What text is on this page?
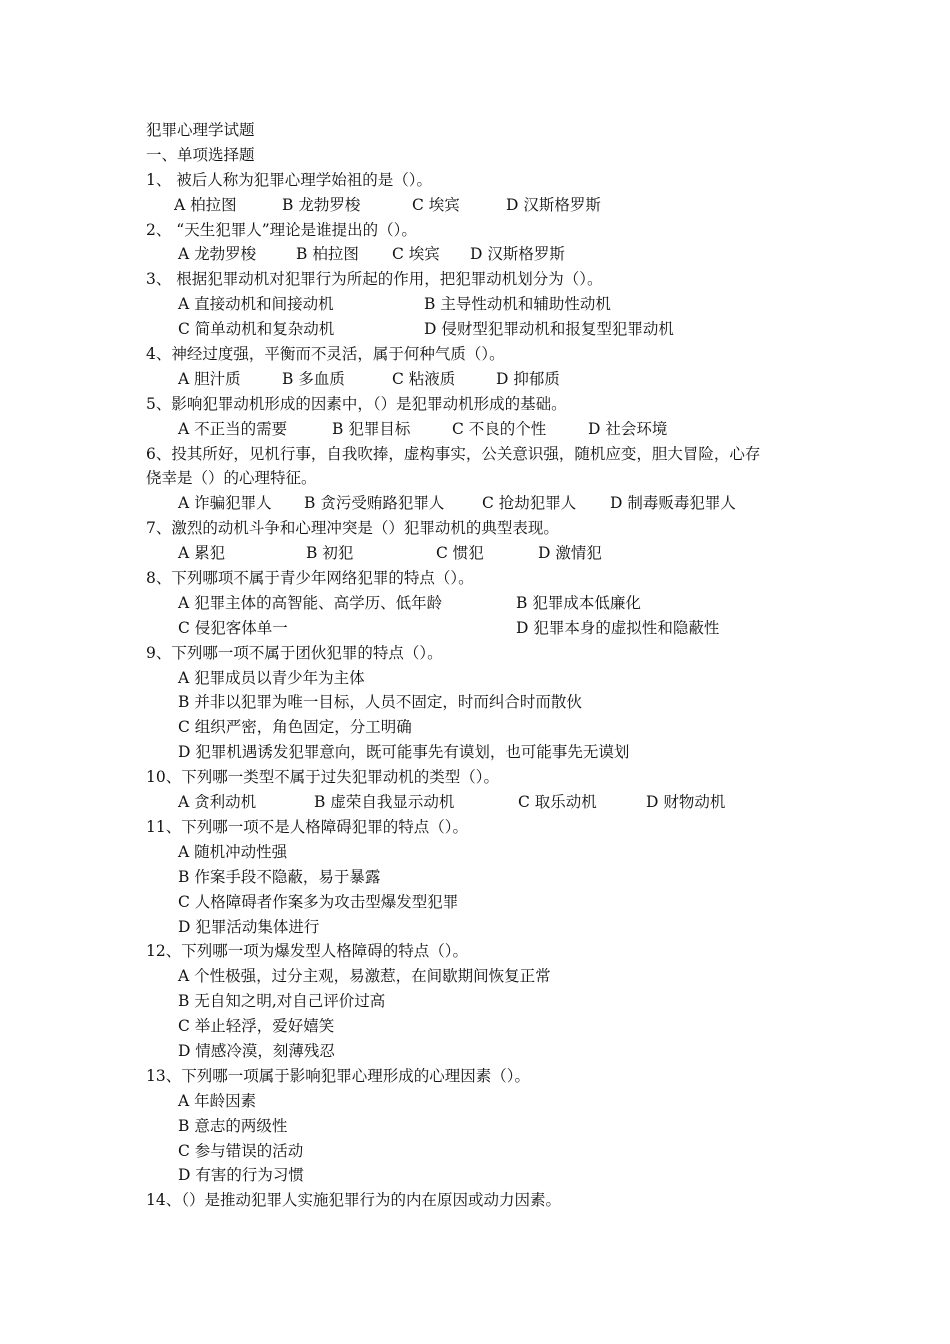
犯罪心理学试题
一、单项选择题
1、 被后人称为犯罪心理学始祖的是（）。
A 柏拉图	B 龙勃罗梭	C 埃宾	D 汉斯格罗斯
2、 “天生犯罪人”理论是谁提出的（）。
A 龙勃罗梭	B 柏拉图 C 埃宾 D 汉斯格罗斯
3、 根据犯罪动机对犯罪行为所起的作用，把犯罪动机划分为（）。
A 直接动机和间接动机	B 主导性动机和辅助性动机
C 简单动机和复杂动机	D 侵财型犯罪动机和报复型犯罪动机
4、神经过度强，平衡而不灵活，属于何种气质（）。
A 胆汁质	B 多血质	C 粘液质	D 抑郁质
5、影响犯罪动机形成的因素中，（）是犯罪动机形成的基础。
A 不正当的需要	B 犯罪目标	C 不良的个性	D 社会环境
6、投其所好，见机行事，自我吹捧，虚构事实，公关意识强，随机应变，胆大冒险，心存
侥幸是（）的心理特征。
A 诈骗犯罪人 B 贪污受贿路犯罪人 C 抢劫犯罪人 D 制毒贩毒犯罪人
7、激烈的动机斗争和心理冲突是（）犯罪动机的典型表现。
A 累犯	B 初犯	C 惯犯	D 激情犯
8、下列哪项不属于青少年网络犯罪的特点（）。
A 犯罪主体的高智能、高学历、低年龄	B 犯罪成本低廉化
C 侵犯客体单一	D 犯罪本身的虚拟性和隐蔽性
9、下列哪一项不属于团伙犯罪的特点（）。
A 犯罪成员以青少年为主体
B 并非以犯罪为唯一目标，人员不固定，时而纠合时而散伙
C 组织严密，角色固定，分工明确
D 犯罪机遇诱发犯罪意向，既可能事先有谟划，也可能事先无谟划
10、下列哪一类型不属于过失犯罪动机的类型（）。
A 贪利动机	B 虚荣自我显示动机	C 取乐动机	D 财物动机
11、下列哪一项不是人格障碍犯罪的特点（）。
A 随机冲动性强
B 作案手段不隐蔽，易于暴露
C 人格障碍者作案多为攻击型爆发型犯罪
D 犯罪活动集体进行
12、下列哪一项为爆发型人格障碍的特点（）。
A 个性极强，过分主观，易激惹，在间歇期间恢复正常
B 无自知之明,对自己评价过高
C 举止轻浮，爱好嬉笑
D 情感冷漠，刻薄残忍
13、下列哪一项属于影响犯罪心理形成的心理因素（）。
A 年龄因素
B 意志的两级性
C 参与错误的活动
D 有害的行为习惯
14、（）是推动犯罪人实施犯罪行为的内在原因或动力因素。
